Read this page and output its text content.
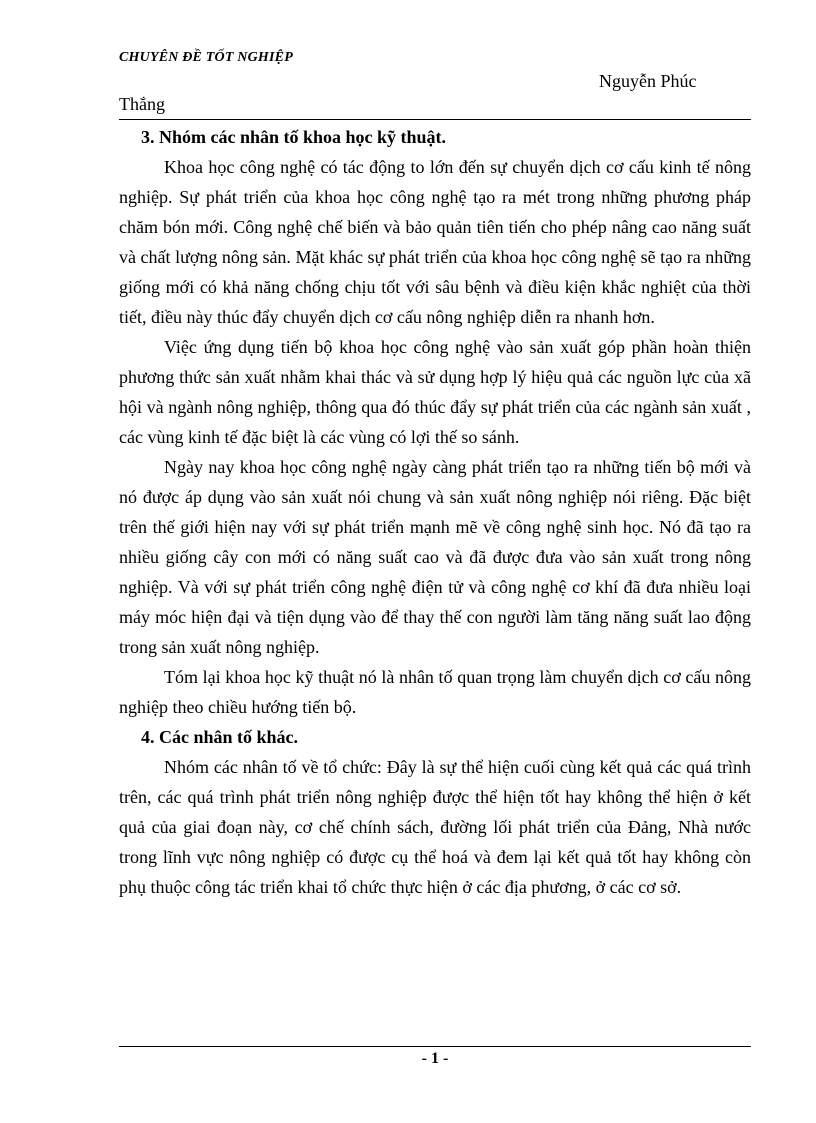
CHUYÊN ĐỀ TỐT NGHIỆP
Nguyễn Phúc
Thắng
3. Nhóm các nhân tố khoa học kỹ thuật.

Khoa học công nghệ có tác động to lớn đến sự chuyển dịch cơ cấu kinh tế nông nghiệp. Sự phát triển của khoa học công nghệ tạo ra mét trong những phương pháp chăm bón mới. Công nghệ chế biến và bảo quản tiên tiến cho phép nâng cao năng suất và chất lượng nông sản. Mặt khác sự phát triển của khoa học công nghệ sẽ tạo ra những giống mới có khả năng chống chịu tốt với sâu bệnh và điều kiện khắc nghiệt của thời tiết, điều này thúc đẩy chuyển dịch cơ cấu nông nghiệp diễn ra nhanh hơn.

Việc ứng dụng tiến bộ khoa học công nghệ vào sản xuất góp phần hoàn thiện phương thức sản xuất nhằm khai thác và sử dụng hợp lý hiệu quả các nguồn lực của xã hội và ngành nông nghiệp, thông qua đó thúc đẩy sự phát triển của các ngành sản xuất , các vùng kinh tế đặc biệt là các vùng có lợi thế so sánh.

Ngày nay khoa học công nghệ ngày càng phát triển tạo ra những tiến bộ mới và nó được áp dụng vào sản xuất nói chung và sản xuất nông nghiệp nói riêng. Đặc biệt trên thế giới hiện nay với sự phát triển mạnh mẽ về công nghệ sinh học. Nó đã tạo ra nhiều giống cây con mới có năng suất cao và đã được đưa vào sản xuất trong nông nghiệp. Và với sự phát triển công nghệ điện tử và công nghệ cơ khí đã đưa nhiều loại máy móc hiện đại và tiện dụng vào để thay thế con người làm tăng năng suất lao động trong sản xuất nông nghiệp.

Tóm lại khoa học kỹ thuật nó là nhân tố quan trọng làm chuyển dịch cơ cấu nông nghiệp theo chiều hướng tiến bộ.

4. Các nhân tố khác.

Nhóm các nhân tố về tổ chức: Đây là sự thể hiện cuối cùng kết quả các quá trình trên, các quá trình phát triển nông nghiệp được thể hiện tốt hay không thể hiện ở kết quả của giai đoạn này, cơ chế chính sách, đường lối phát triển của Đảng, Nhà nước trong lĩnh vực nông nghiệp có được cụ thể hoá và đem lại kết quả tốt hay không còn phụ thuộc công tác triển khai tổ chức thực hiện ở các địa phương, ở các cơ sở.

- 1 -
